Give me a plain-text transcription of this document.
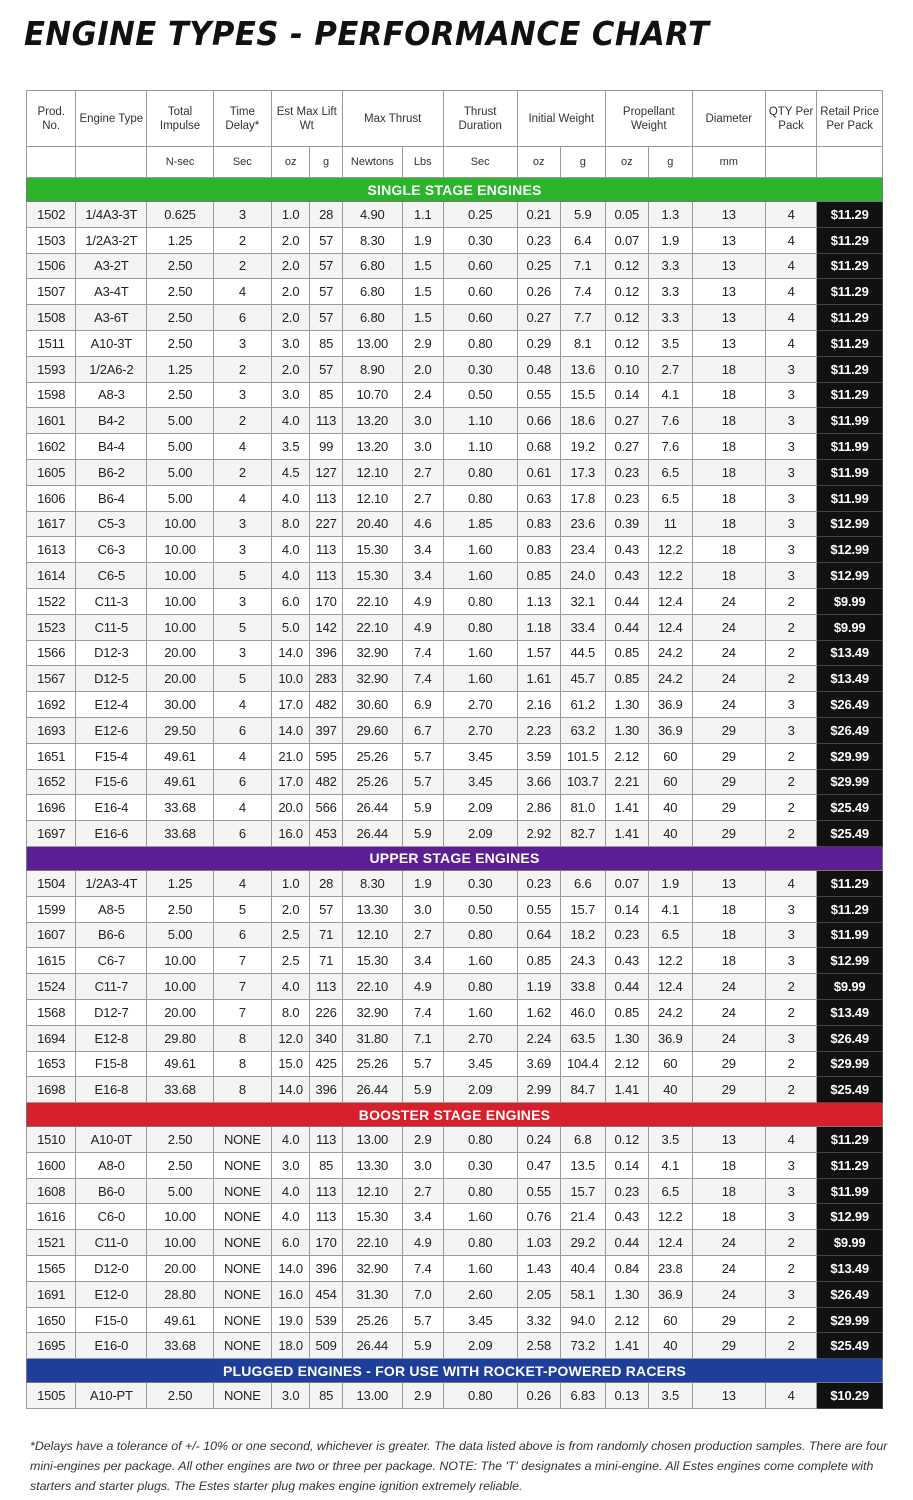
ENGINE TYPES - PERFORMANCE CHART
Prod. No.	Engine Type	Total Impulse	Time Delay*	Est Max Lift Wt		Max Thrust		Thrust Duration	Initial Weight		Propellant Weight		Diameter	QTY Per Pack	Retail Price Per Pack
		N-sec	Sec	oz	g	Newtons	Lbs	Sec	oz	g	oz	g	mm		
SINGLE STAGE ENGINES															
1502	1/4A3-3T	0.625	3	1.0	28	4.90	1.1	0.25	0.21	5.9	0.05	1.3	13	4	$11.29
1503	1/2A3-2T	1.25	2	2.0	57	8.30	1.9	0.30	0.23	6.4	0.07	1.9	13	4	$11.29
1506	A3-2T	2.50	2	2.0	57	6.80	1.5	0.60	0.25	7.1	0.12	3.3	13	4	$11.29
1507	A3-4T	2.50	4	2.0	57	6.80	1.5	0.60	0.26	7.4	0.12	3.3	13	4	$11.29
1508	A3-6T	2.50	6	2.0	57	6.80	1.5	0.60	0.27	7.7	0.12	3.3	13	4	$11.29
1511	A10-3T	2.50	3	3.0	85	13.00	2.9	0.80	0.29	8.1	0.12	3.5	13	4	$11.29
1593	1/2A6-2	1.25	2	2.0	57	8.90	2.0	0.30	0.48	13.6	0.10	2.7	18	3	$11.29
1598	A8-3	2.50	3	3.0	85	10.70	2.4	0.50	0.55	15.5	0.14	4.1	18	3	$11.29
1601	B4-2	5.00	2	4.0	113	13.20	3.0	1.10	0.66	18.6	0.27	7.6	18	3	$11.99
1602	B4-4	5.00	4	3.5	99	13.20	3.0	1.10	0.68	19.2	0.27	7.6	18	3	$11.99
1605	B6-2	5.00	2	4.5	127	12.10	2.7	0.80	0.61	17.3	0.23	6.5	18	3	$11.99
1606	B6-4	5.00	4	4.0	113	12.10	2.7	0.80	0.63	17.8	0.23	6.5	18	3	$11.99
1617	C5-3	10.00	3	8.0	227	20.40	4.6	1.85	0.83	23.6	0.39	11	18	3	$12.99
1613	C6-3	10.00	3	4.0	113	15.30	3.4	1.60	0.83	23.4	0.43	12.2	18	3	$12.99
1614	C6-5	10.00	5	4.0	113	15.30	3.4	1.60	0.85	24.0	0.43	12.2	18	3	$12.99
1522	C11-3	10.00	3	6.0	170	22.10	4.9	0.80	1.13	32.1	0.44	12.4	24	2	$9.99
1523	C11-5	10.00	5	5.0	142	22.10	4.9	0.80	1.18	33.4	0.44	12.4	24	2	$9.99
1566	D12-3	20.00	3	14.0	396	32.90	7.4	1.60	1.57	44.5	0.85	24.2	24	2	$13.49
1567	D12-5	20.00	5	10.0	283	32.90	7.4	1.60	1.61	45.7	0.85	24.2	24	2	$13.49
1692	E12-4	30.00	4	17.0	482	30.60	6.9	2.70	2.16	61.2	1.30	36.9	24	3	$26.49
1693	E12-6	29.50	6	14.0	397	29.60	6.7	2.70	2.23	63.2	1.30	36.9	29	3	$26.49
1651	F15-4	49.61	4	21.0	595	25.26	5.7	3.45	3.59	101.5	2.12	60	29	2	$29.99
1652	F15-6	49.61	6	17.0	482	25.26	5.7	3.45	3.66	103.7	2.21	60	29	2	$29.99
1696	E16-4	33.68	4	20.0	566	26.44	5.9	2.09	2.86	81.0	1.41	40	29	2	$25.49
1697	E16-6	33.68	6	16.0	453	26.44	5.9	2.09	2.92	82.7	1.41	40	29	2	$25.49
UPPER STAGE ENGINES															
1504	1/2A3-4T	1.25	4	1.0	28	8.30	1.9	0.30	0.23	6.6	0.07	1.9	13	4	$11.29
1599	A8-5	2.50	5	2.0	57	13.30	3.0	0.50	0.55	15.7	0.14	4.1	18	3	$11.29
1607	B6-6	5.00	6	2.5	71	12.10	2.7	0.80	0.64	18.2	0.23	6.5	18	3	$11.99
1615	C6-7	10.00	7	2.5	71	15.30	3.4	1.60	0.85	24.3	0.43	12.2	18	3	$12.99
1524	C11-7	10.00	7	4.0	113	22.10	4.9	0.80	1.19	33.8	0.44	12.4	24	2	$9.99
1568	D12-7	20.00	7	8.0	226	32.90	7.4	1.60	1.62	46.0	0.85	24.2	24	2	$13.49
1694	E12-8	29.80	8	12.0	340	31.80	7.1	2.70	2.24	63.5	1.30	36.9	24	3	$26.49
1653	F15-8	49.61	8	15.0	425	25.26	5.7	3.45	3.69	104.4	2.12	60	29	2	$29.99
1698	E16-8	33.68	8	14.0	396	26.44	5.9	2.09	2.99	84.7	1.41	40	29	2	$25.49
BOOSTER STAGE ENGINES															
1510	A10-0T	2.50	NONE	4.0	113	13.00	2.9	0.80	0.24	6.8	0.12	3.5	13	4	$11.29
1600	A8-0	2.50	NONE	3.0	85	13.30	3.0	0.30	0.47	13.5	0.14	4.1	18	3	$11.29
1608	B6-0	5.00	NONE	4.0	113	12.10	2.7	0.80	0.55	15.7	0.23	6.5	18	3	$11.99
1616	C6-0	10.00	NONE	4.0	113	15.30	3.4	1.60	0.76	21.4	0.43	12.2	18	3	$12.99
1521	C11-0	10.00	NONE	6.0	170	22.10	4.9	0.80	1.03	29.2	0.44	12.4	24	2	$9.99
1565	D12-0	20.00	NONE	14.0	396	32.90	7.4	1.60	1.43	40.4	0.84	23.8	24	2	$13.49
1691	E12-0	28.80	NONE	16.0	454	31.30	7.0	2.60	2.05	58.1	1.30	36.9	24	3	$26.49
1650	F15-0	49.61	NONE	19.0	539	25.26	5.7	3.45	3.32	94.0	2.12	60	29	2	$29.99
1695	E16-0	33.68	NONE	18.0	509	26.44	5.9	2.09	2.58	73.2	1.41	40	29	2	$25.49
PLUGGED ENGINES - FOR USE WITH ROCKET-POWERED RACERS															
1505	A10-PT	2.50	NONE	3.0	85	13.00	2.9	0.80	0.26	6.83	0.13	3.5	13	4	$10.29
*Delays have a tolerance of +/- 10% or one second, whichever is greater. The data listed above is from randomly chosen production samples. There are four mini-engines per package. All other engines are two or three per package. NOTE: The 'T' designates a mini-engine. All Estes engines come complete with starters and starter plugs. The Estes starter plug makes engine ignition extremely reliable.
